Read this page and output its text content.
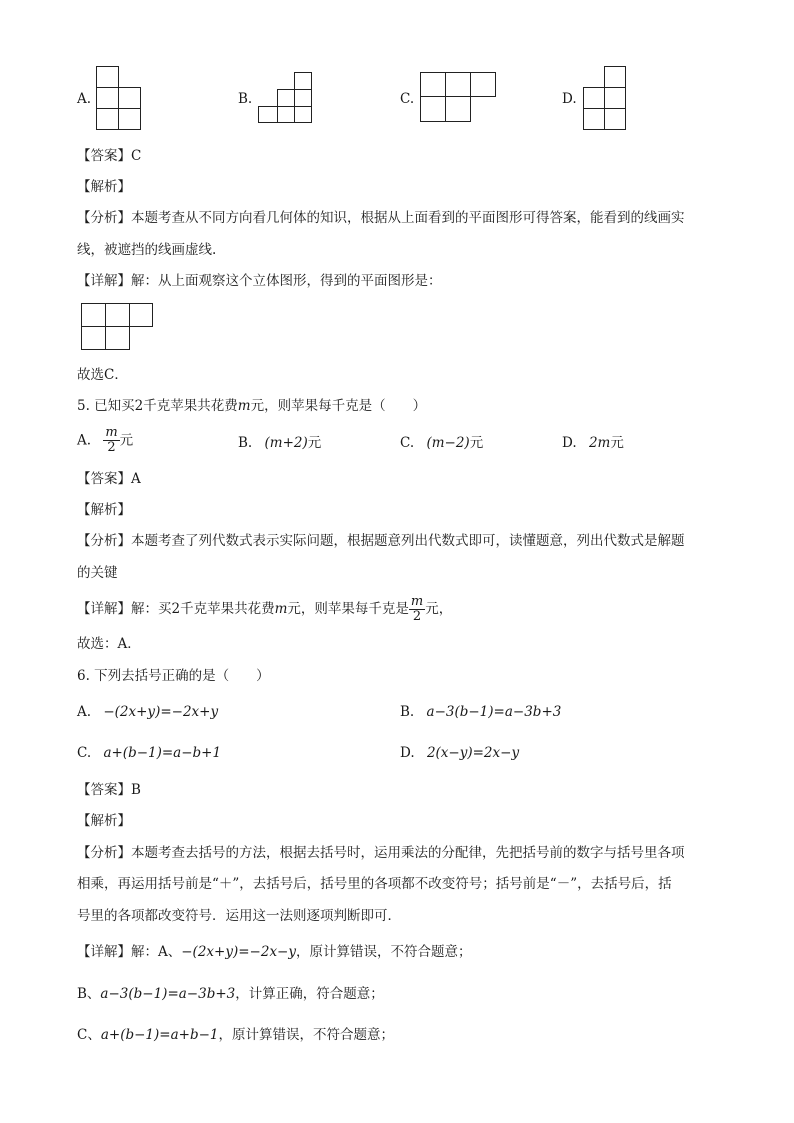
A.	B.	C.	D.
【答案】C
【解析】
【分析】本题考查从不同方向看几何体的知识，根据从上面看到的平面图形可得答案，能看到的线画实
线，被遮挡的线画虚线.
【详解】解：从上面观察这个立体图形，得到的平面图形是：
故选C．
5. 已知买2千克苹果共花费m元，则苹果每千克是（　　）
A. $\frac{m}{2}$ 元	B. (m+2)元	C. (m−2)元	D. 2m元
【答案】A
【解析】
【分析】本题考查了列代数式表示实际问题，根据题意列出代数式即可，读懂题意，列出代数式是解题
的关键
【详解】解：买2千克苹果共花费m元，则苹果每千克是 $\frac{m}{2}$ 元，
故选：A．
6. 下列去括号正确的是（　　）
A. −(2x+y)=−2x+y	B. a−3(b−1)=a−3b+3
C. a+(b−1)=a−b+1	D. 2(x−y)=2x−y
【答案】B
【解析】
【分析】本题考查去括号的方法，根据去括号时，运用乘法的分配律，先把括号前的数字与括号里各项
相乘，再运用括号前是“＋”，去括号后，括号里的各项都不改变符号；括号前是“－”，去括号后，括
号里的各项都改变符号．运用这一法则逐项判断即可．
【详解】解：A、−(2x+y)=−2x−y，原计算错误，不符合题意；
B、a−3(b−1)=a−3b+3，计算正确，符合题意；
C、a+(b−1)=a+b−1，原计算错误，不符合题意；
